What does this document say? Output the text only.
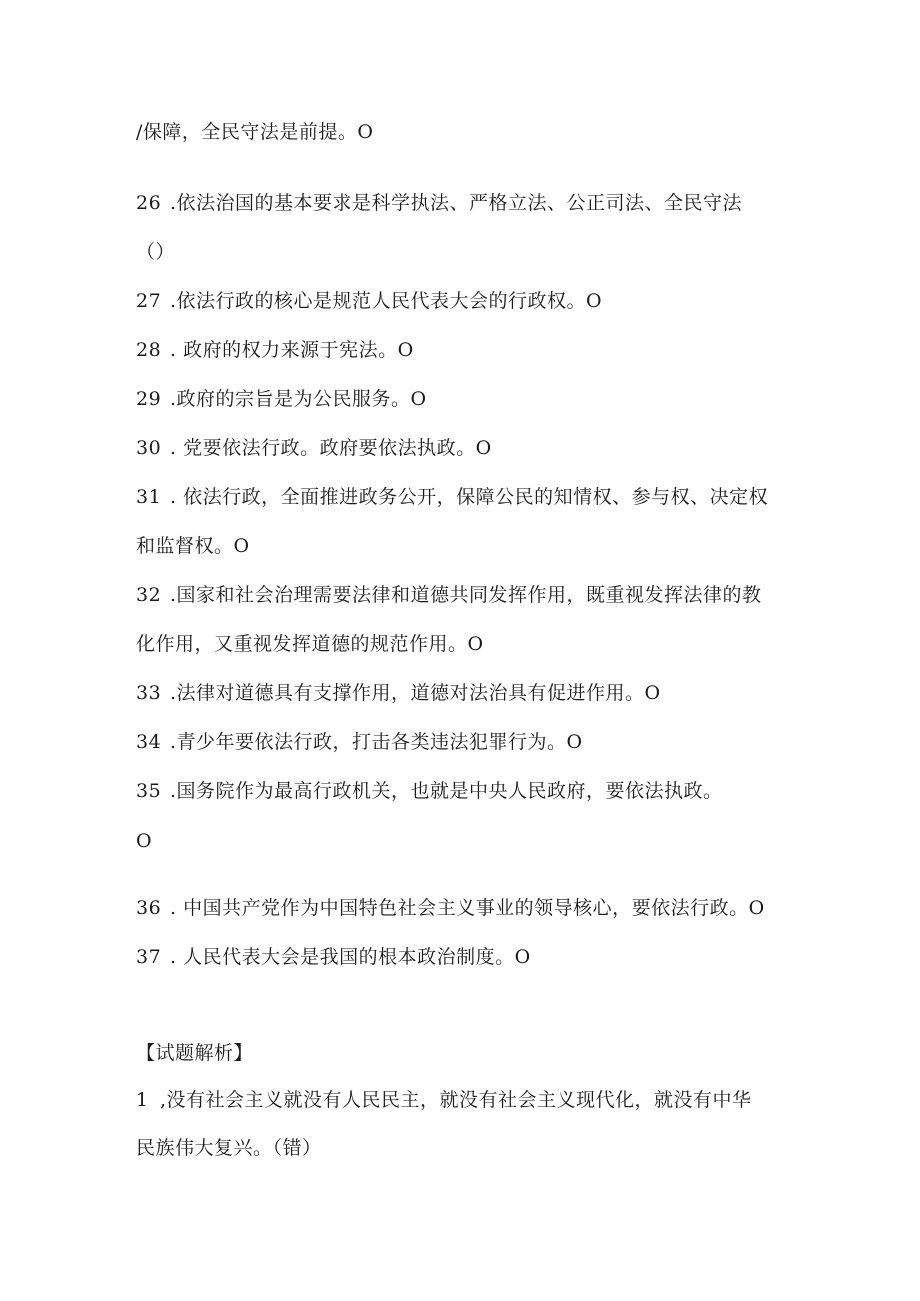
/保障，全民守法是前提。O
26 .依法治国的基本要求是科学执法、严格立法、公正司法、全民守法
（）
27 .依法行政的核心是规范人民代表大会的行政权。O
28 . 政府的权力来源于宪法。O
29 .政府的宗旨是为公民服务。O
30 . 党要依法行政。政府要依法执政。O
31 . 依法行政，全面推进政务公开，保障公民的知情权、参与权、决定权
和监督权。O
32 .国家和社会治理需要法律和道德共同发挥作用，既重视发挥法律的教
化作用，又重视发挥道德的规范作用。O
33 .法律对道德具有支撑作用，道德对法治具有促进作用。O
34 .青少年要依法行政，打击各类违法犯罪行为。O
35 .国务院作为最高行政机关，也就是中央人民政府，要依法执政。
O
36 . 中国共产党作为中国特色社会主义事业的领导核心，要依法行政。O
37 . 人民代表大会是我国的根本政治制度。O
【试题解析】
1 ,没有社会主义就没有人民民主，就没有社会主义现代化，就没有中华
民族伟大复兴。（错）
